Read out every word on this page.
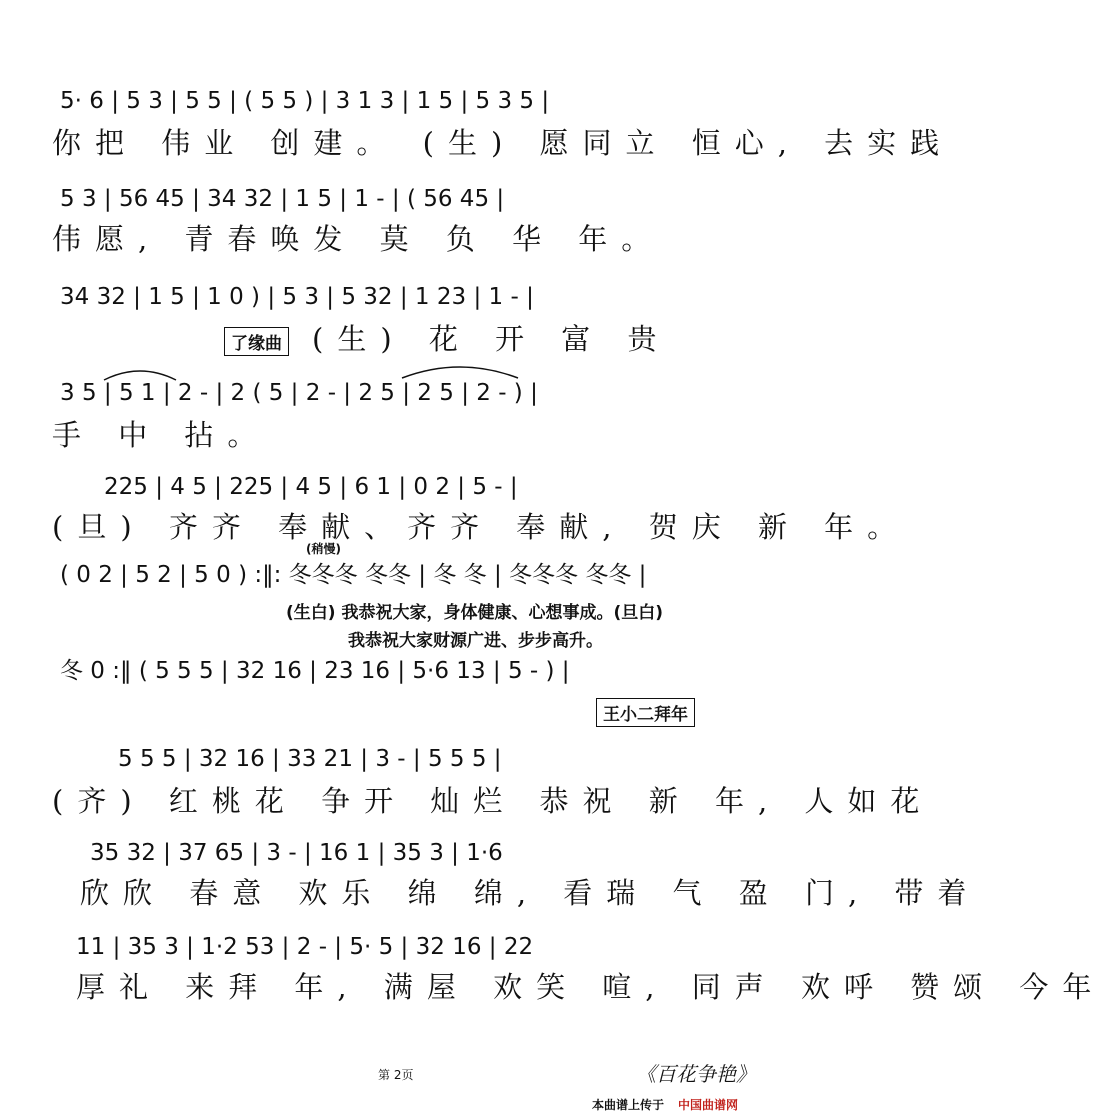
5· 6 | 5 3 | 5 5 | ( 5 5 ) | 3 1 3 | 1 5 | 5 3 5 |
你把 伟业 创建。 (生) 愿同立 恒心, 去实践
5 3 | 56 45 | 34 32 | 1 5 | 1 - | ( 56 45 |
伟愿, 青春唤发 莫 负 华 年。
34 32 | 1 5 | 1 0 ) | 5 3 | 5 32 | 1 23 | 1 - |
了缘曲 (生) 花 开 富 贵
3 5 | 5 1 | 2 - | 2 ( 5 | 2 - | 2 5 | 2 5 | 2 - ) |
手 中 拈。
225 | 4 5 | 225 | 4 5 | 6 1 | 0 2 | 5 - |
(旦) 齐齐 奉献、齐齐 奉献, 贺庆 新 年。
(稍慢)
( 0 2 | 5 2 | 5 0 ) :‖: 冬冬冬 冬冬 | 冬 冬 | 冬冬冬 冬冬 |
(生白) 我恭祝大家，身体健康、心想事成。(旦白)
我恭祝大家财源广进、步步高升。
冬 0 :‖ ( 5 5 5 | 32 16 | 23 16 | 5·6 13 | 5 - ) |
王小二拜年
5 5 5 | 32 16 | 33 21 | 3 - | 5 5 5 |
(齐) 红桃花 争开 灿烂 恭祝 新 年, 人如花
35 32 | 37 65 | 3 - | 16 1 | 35 3 | 1·6
欣欣 春意 欢乐 绵 绵, 看瑞 气 盈 门, 带着
11 | 35 3 | 1·2 53 | 2 - | 5· 5 | 32 16 | 22
厚礼 来拜 年, 满屋 欢笑 喧, 同声 欢呼 赞颂 今年
第 2页	《百花争艳》
本曲谱上传于 中国曲谱网
